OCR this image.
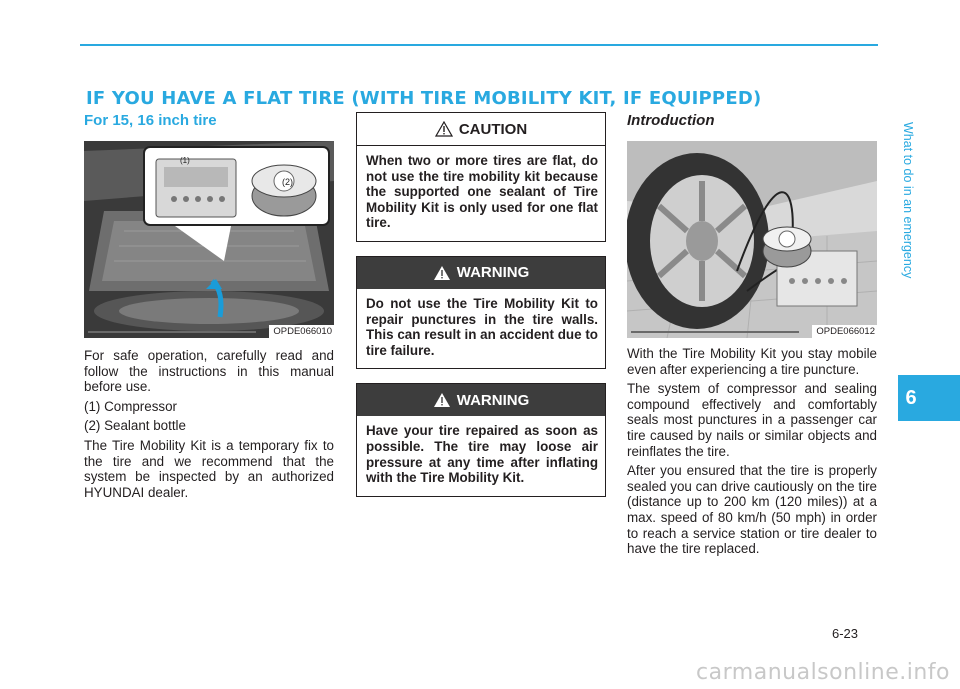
IF YOU HAVE A FLAT TIRE (WITH TIRE MOBILITY KIT, IF EQUIPPED)
For 15, 16 inch tire
(2)
(1)
OPDE066010

For safe operation, carefully read and follow the instructions in this manual before use.

(1) Compressor

(2) Sealant bottle

The Tire Mobility Kit is a temporary fix to the tire and we recommend that the system be inspected by an authorized HYUNDAI dealer.

CAUTION
When two or more tires are flat, do not use the tire mobility kit because the supported one sealant of Tire Mobility Kit is only used for one flat tire.
WARNING
Do not use the Tire Mobility Kit to repair punctures in the tire walls. This can result in an accident due to tire failure.
WARNING
Have your tire repaired as soon as possible. The tire may loose air pressure at any time after inflating with the Tire Mobility Kit.
Introduction
OPDE066012

With the Tire Mobility Kit you stay mobile even after experiencing a tire puncture.

The system of compressor and sealing compound effectively and comfortably seals most punctures in a passenger car tire caused by nails or similar objects and reinflates the tire.

After you ensured that the tire is properly sealed you can drive cautiously on the tire (distance up to 200 km (120 miles)) at a max. speed of 80 km/h (50 mph) in order to reach a service station or tire dealer to have the tire replaced.

What to do in an emergency
6
6-23
carmanualsonline.info
